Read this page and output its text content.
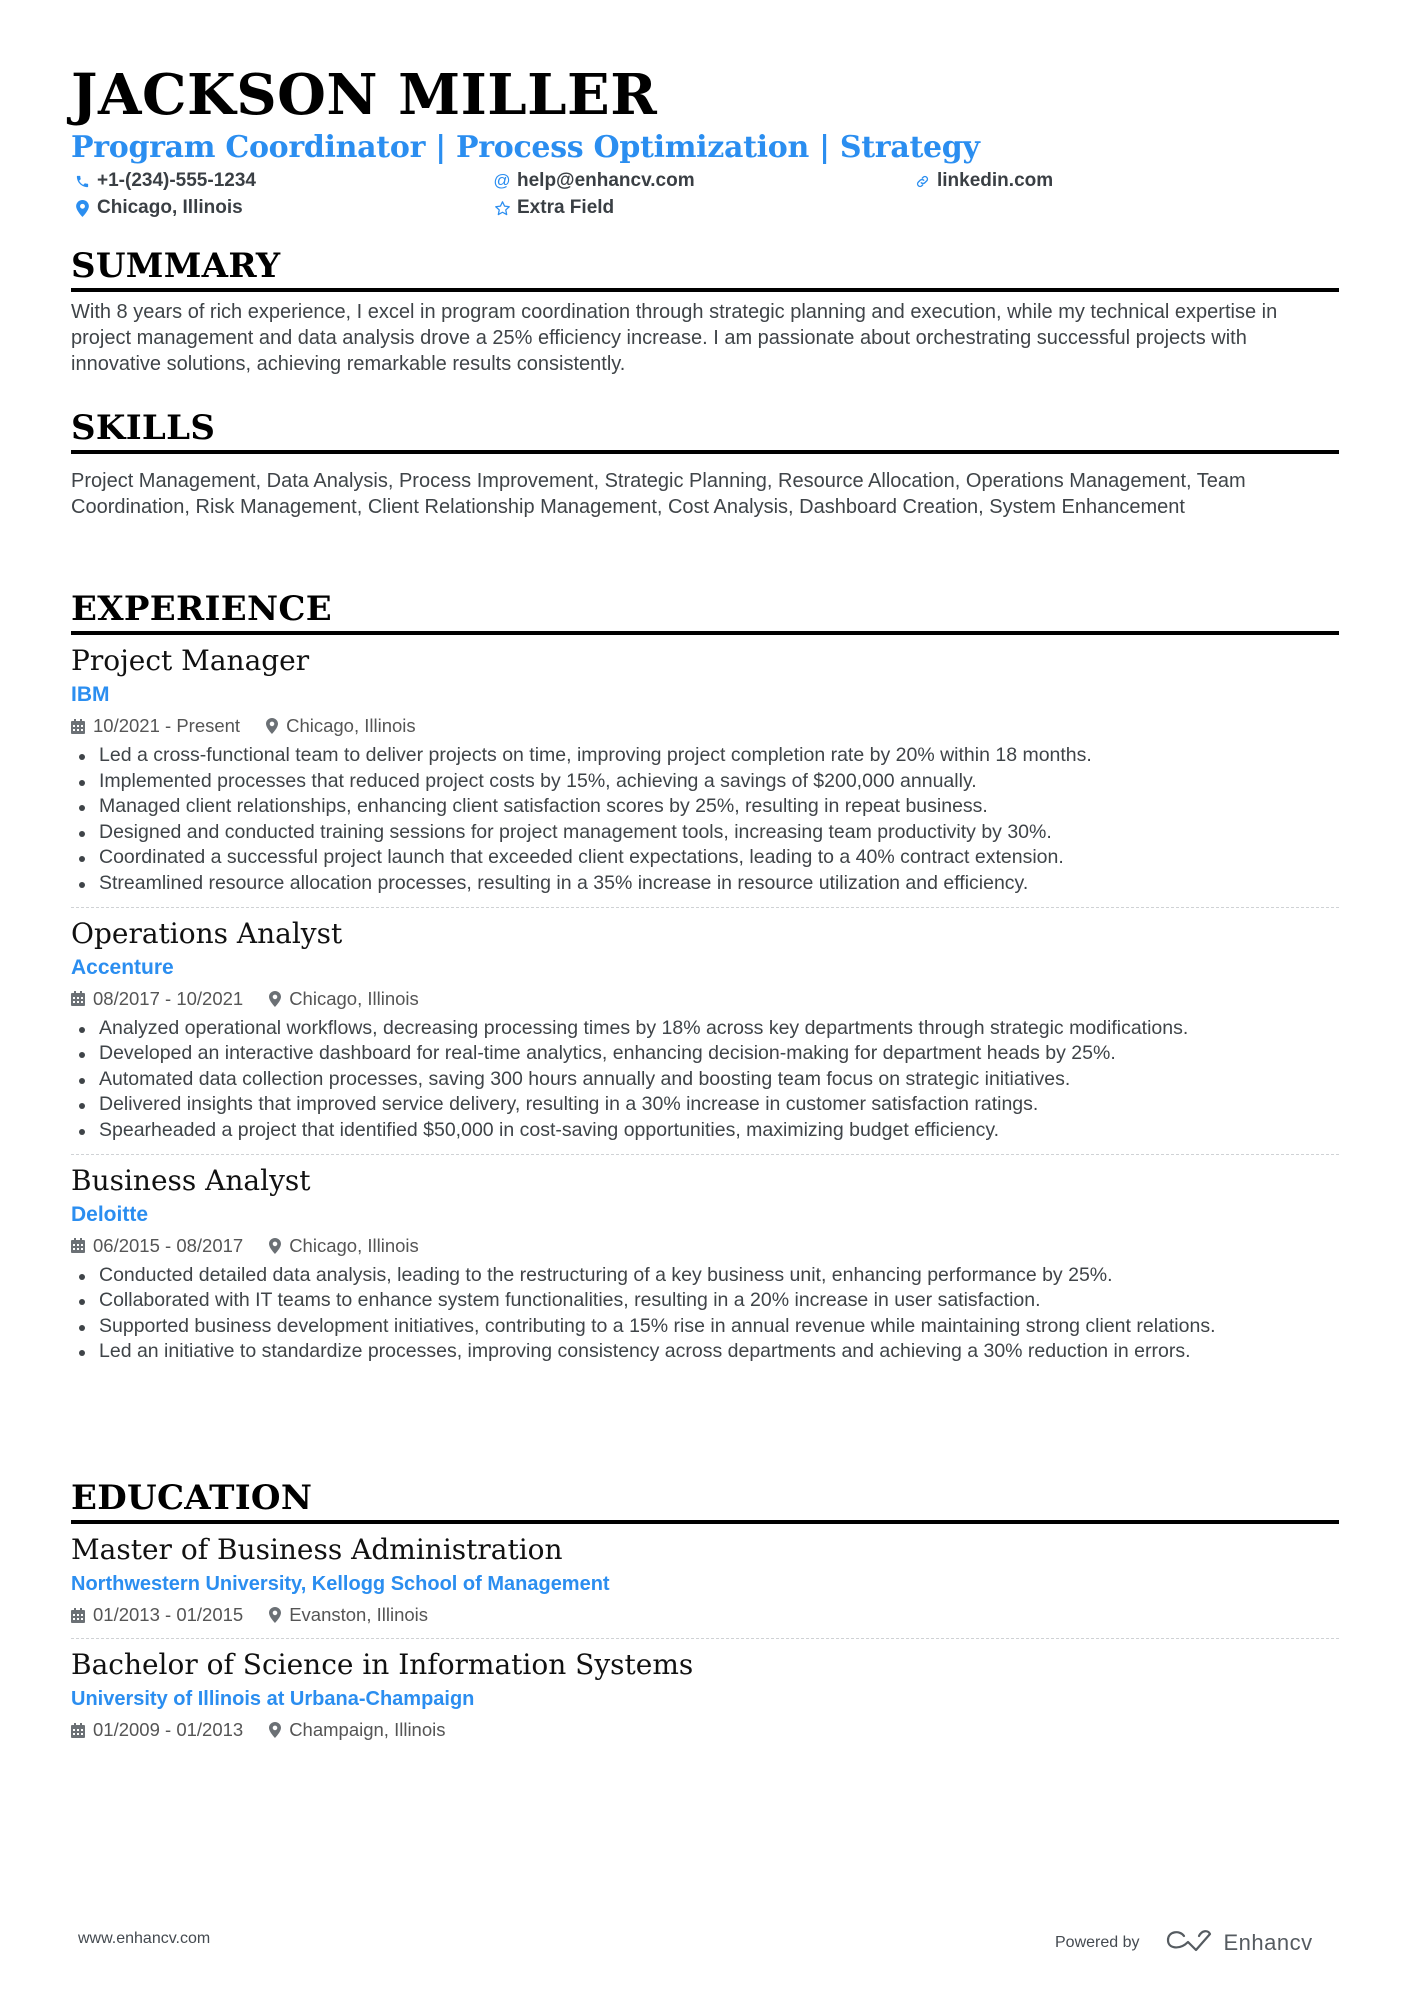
JACKSON MILLER
Program Coordinator | Process Optimization | Strategy
+1-(234)-555-1234	@ help@enhancv.com	linkedin.com
Chicago, Illinois	Extra Field
SUMMARY
With 8 years of rich experience, I excel in program coordination through strategic planning and execution, while my technical expertise in project management and data analysis drove a 25% efficiency increase. I am passionate about orchestrating successful projects with innovative solutions, achieving remarkable results consistently.
SKILLS
Project Management, Data Analysis, Process Improvement, Strategic Planning, Resource Allocation, Operations Management, Team Coordination, Risk Management, Client Relationship Management, Cost Analysis, Dashboard Creation, System Enhancement
EXPERIENCE
Project Manager
IBM
10/2021 - Present Chicago, Illinois
Led a cross-functional team to deliver projects on time, improving project completion rate by 20% within 18 months.
Implemented processes that reduced project costs by 15%, achieving a savings of $200,000 annually.
Managed client relationships, enhancing client satisfaction scores by 25%, resulting in repeat business.
Designed and conducted training sessions for project management tools, increasing team productivity by 30%.
Coordinated a successful project launch that exceeded client expectations, leading to a 40% contract extension.
Streamlined resource allocation processes, resulting in a 35% increase in resource utilization and efficiency.
Operations Analyst
Accenture
08/2017 - 10/2021 Chicago, Illinois
Analyzed operational workflows, decreasing processing times by 18% across key departments through strategic modifications.
Developed an interactive dashboard for real-time analytics, enhancing decision-making for department heads by 25%.
Automated data collection processes, saving 300 hours annually and boosting team focus on strategic initiatives.
Delivered insights that improved service delivery, resulting in a 30% increase in customer satisfaction ratings.
Spearheaded a project that identified $50,000 in cost-saving opportunities, maximizing budget efficiency.
Business Analyst
Deloitte
06/2015 - 08/2017 Chicago, Illinois
Conducted detailed data analysis, leading to the restructuring of a key business unit, enhancing performance by 25%.
Collaborated with IT teams to enhance system functionalities, resulting in a 20% increase in user satisfaction.
Supported business development initiatives, contributing to a 15% rise in annual revenue while maintaining strong client relations.
Led an initiative to standardize processes, improving consistency across departments and achieving a 30% reduction in errors.
EDUCATION
Master of Business Administration
Northwestern University, Kellogg School of Management
01/2013 - 01/2015 Evanston, Illinois
Bachelor of Science in Information Systems
University of Illinois at Urbana-Champaign
01/2009 - 01/2013 Champaign, Illinois
www.enhancv.com	Powered by	Enhancv
